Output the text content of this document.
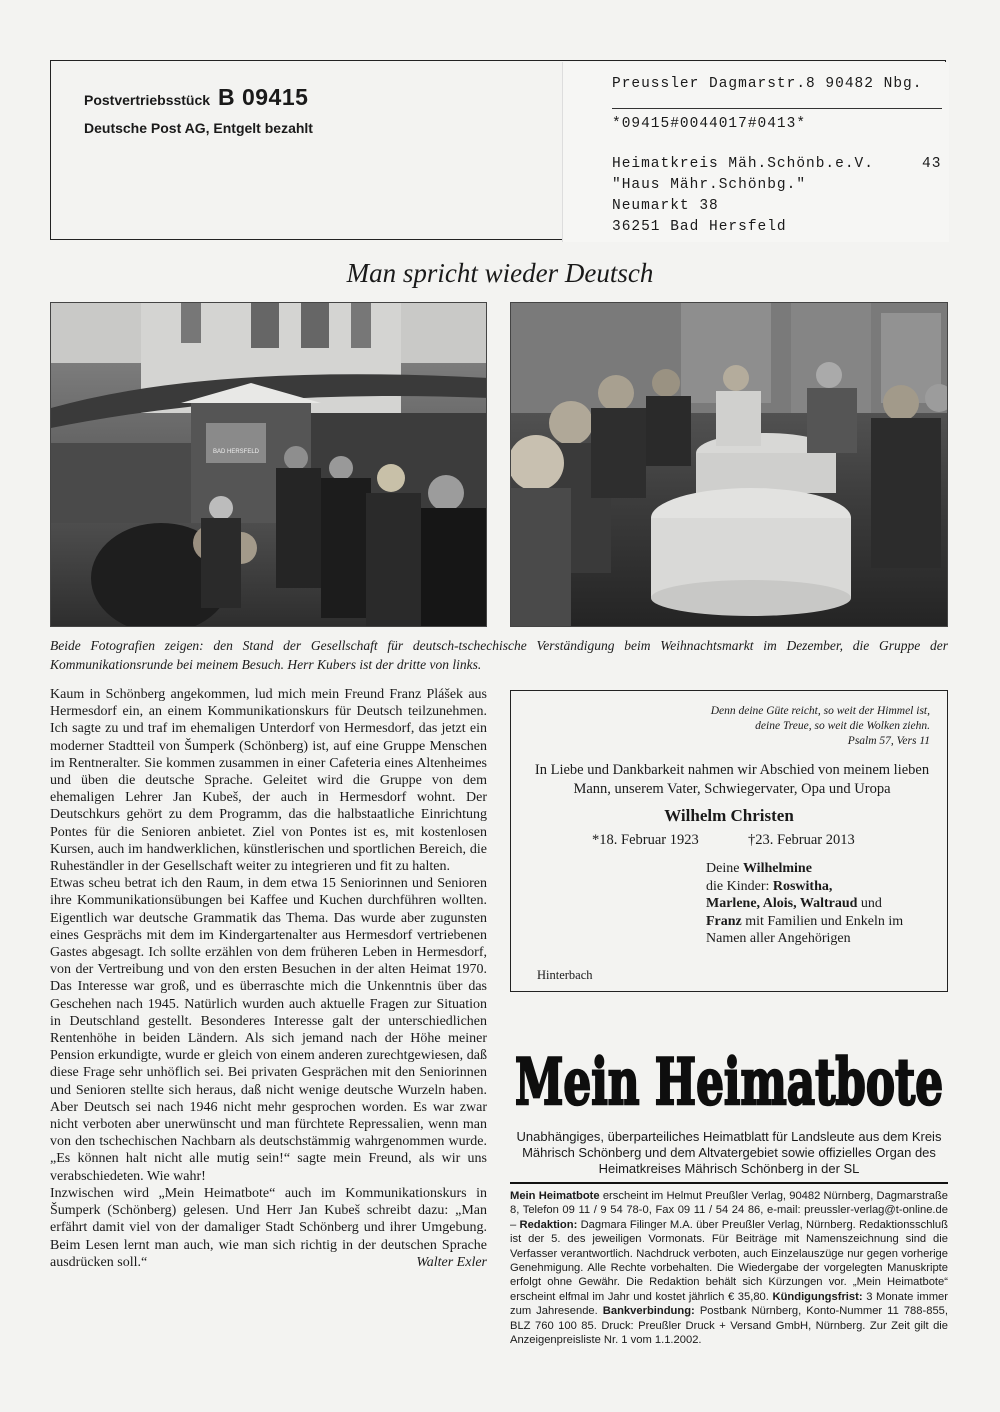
Postvertriebsstück B 09415
Deutsche Post AG, Entgelt bezahlt
Preussler Dagmarstr.8 90482 Nbg.
*09415#0044017#0413*
Heimatkreis Mäh.Schönb.e.V.	43
"Haus Mähr.Schönbg."
Neumarkt 38
36251 Bad Hersfeld
Man spricht wieder Deutsch
BAD HERSFELD
Beide Fotografien zeigen: den Stand der Gesellschaft für deutsch-tschechische Verständigung beim Weihnachtsmarkt im Dezember, die Gruppe der Kommunikationsrunde bei meinem Besuch. Herr Kubers ist der dritte von links.

Kaum in Schönberg angekommen, lud mich mein Freund Franz Plášek aus Hermesdorf ein, an einem Kommunikationskurs für Deutsch teilzunehmen. Ich sagte zu und traf im ehemaligen Unterdorf von Hermesdorf, das jetzt ein moderner Stadtteil von Šumperk (Schönberg) ist, auf eine Gruppe Menschen im Rentneralter. Sie kommen zusammen in einer Cafeteria eines Altenheimes und üben die deutsche Sprache. Geleitet wird die Gruppe von dem ehemaligen Lehrer Jan Kubeš, der auch in Hermesdorf wohnt. Der Deutschkurs gehört zu dem Programm, das die halbstaatliche Einrichtung Pontes für die Senioren anbietet. Ziel von Pontes ist es, mit kostenlosen Kursen, auch im handwerklichen, künstlerischen und sportlichen Bereich, die Ruheständler in der Gesellschaft weiter zu integrieren und fit zu halten.

Etwas scheu betrat ich den Raum, in dem etwa 15 Seniorinnen und Senioren ihre Kommunikationsübungen bei Kaffee und Kuchen durchführen wollten. Eigentlich war deutsche Grammatik das Thema. Das wurde aber zugunsten eines Gesprächs mit dem im Kindergartenalter aus Hermesdorf vertriebenen Gastes abgesagt. Ich sollte erzählen von dem früheren Leben in Hermesdorf, von der Vertreibung und von den ersten Besuchen in der alten Heimat 1970. Das Interesse war groß, und es überraschte mich die Unkenntnis über das Geschehen nach 1945. Natürlich wurden auch aktuelle Fragen zur Situation in Deutschland gestellt. Besonderes Interesse galt der unterschiedlichen Rentenhöhe in beiden Ländern. Als sich jemand nach der Höhe meiner Pension erkundigte, wurde er gleich von einem anderen zurechtgewiesen, daß diese Frage sehr unhöflich sei. Bei privaten Gesprächen mit den Seniorinnen und Senioren stellte sich heraus, daß nicht wenige deutsche Wurzeln haben. Aber Deutsch sei nach 1946 nicht mehr gesprochen worden. Es war zwar nicht verboten aber unerwünscht und man fürchtete Repressalien, wenn man von den tschechischen Nachbarn als deutschstämmig wahrgenommen wurde. „Es können halt nicht alle mutig sein!“ sagte mein Freund, als wir uns verabschiedeten. Wie wahr!

Inzwischen wird „Mein Heimatbote“ auch im Kommunikationskurs in Šumperk (Schönberg) gelesen. Und Herr Jan Kubeš schreibt dazu: „Man erfährt damit viel von der damaliger Stadt Schönberg und ihrer Umgebung. Beim Lesen lernt man auch, wie man sich richtig in der deutschen Sprache ausdrücken soll.“	Walter Exler

Denn deine Güte reicht, so weit der Himmel ist,
deine Treue, so weit die Wolken ziehn.
Psalm 57, Vers 11
In Liebe und Dankbarkeit nahmen wir Abschied von meinem lieben Mann, unserem Vater, Schwiegervater, Opa und Uropa
Wilhelm Christen
*18. Februar 1923	†23. Februar 2013
Deine Wilhelmine
die Kinder: Roswitha,
Marlene, Alois, Waltraud und
Franz mit Familien und Enkeln im Namen aller Angehörigen
Hinterbach
Mein Heimatbote
Unabhängiges, überparteiliches Heimatblatt für Landsleute aus dem Kreis Mährisch Schönberg und dem Altvatergebiet sowie offizielles Organ des Heimatkreises Mährisch Schönberg in der SL
Mein Heimatbote erscheint im Helmut Preußler Verlag, 90482 Nürnberg, Dagmarstraße 8, Telefon 09 11 / 9 54 78-0, Fax 09 11 / 54 24 86, e-mail: preussler-verlag@t-online.de – Redaktion: Dagmara Filinger M.A. über Preußler Verlag, Nürnberg. Redaktionsschluß ist der 5. des jeweiligen Vormonats. Für Beiträge mit Namenszeichnung sind die Verfasser verantwortlich. Nachdruck verboten, auch Einzelauszüge nur gegen vorherige Genehmigung. Alle Rechte vorbehalten. Die Wiedergabe der vorgelegten Manuskripte erfolgt ohne Gewähr. Die Redaktion behält sich Kürzungen vor. „Mein Heimatbote“ erscheint elfmal im Jahr und kostet jährlich € 35,80. Kündigungsfrist: 3 Monate immer zum Jahresende. Bankverbindung: Postbank Nürnberg, Konto-Nummer 11 788-855, BLZ 760 100 85. Druck: Preußler Druck + Versand GmbH, Nürnberg. Zur Zeit gilt die Anzeigenpreisliste Nr. 1 vom 1.1.2002.
